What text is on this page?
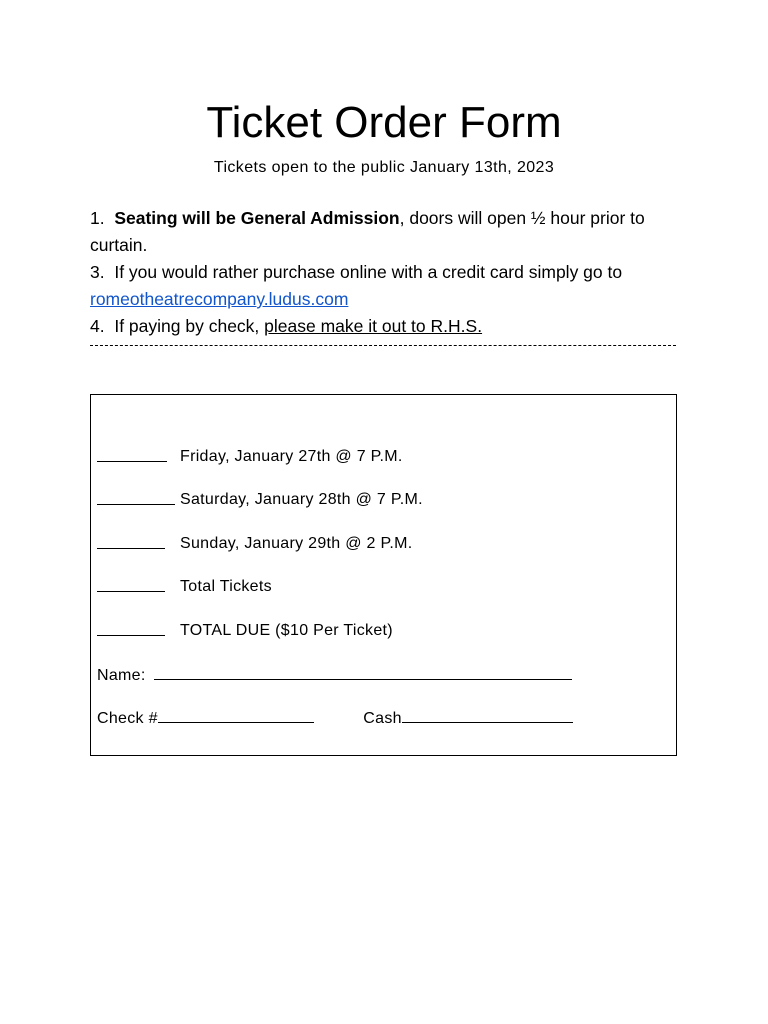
Ticket Order Form
Tickets open to the public January 13th, 2023

1. Seating will be General Admission, doors will open ½ hour prior to curtain.

3. If you would rather purchase online with a credit card simply go to
romeotheatrecompany.ludus.com

4. If paying by check, please make it out to R.H.S.

Friday, January 27th @ 7 P.M.
Saturday, January 28th @ 7 P.M.
Sunday, January 29th @ 2 P.M.
Total Tickets
TOTAL DUE ($10 Per Ticket)
Name:
Check #	Cash
